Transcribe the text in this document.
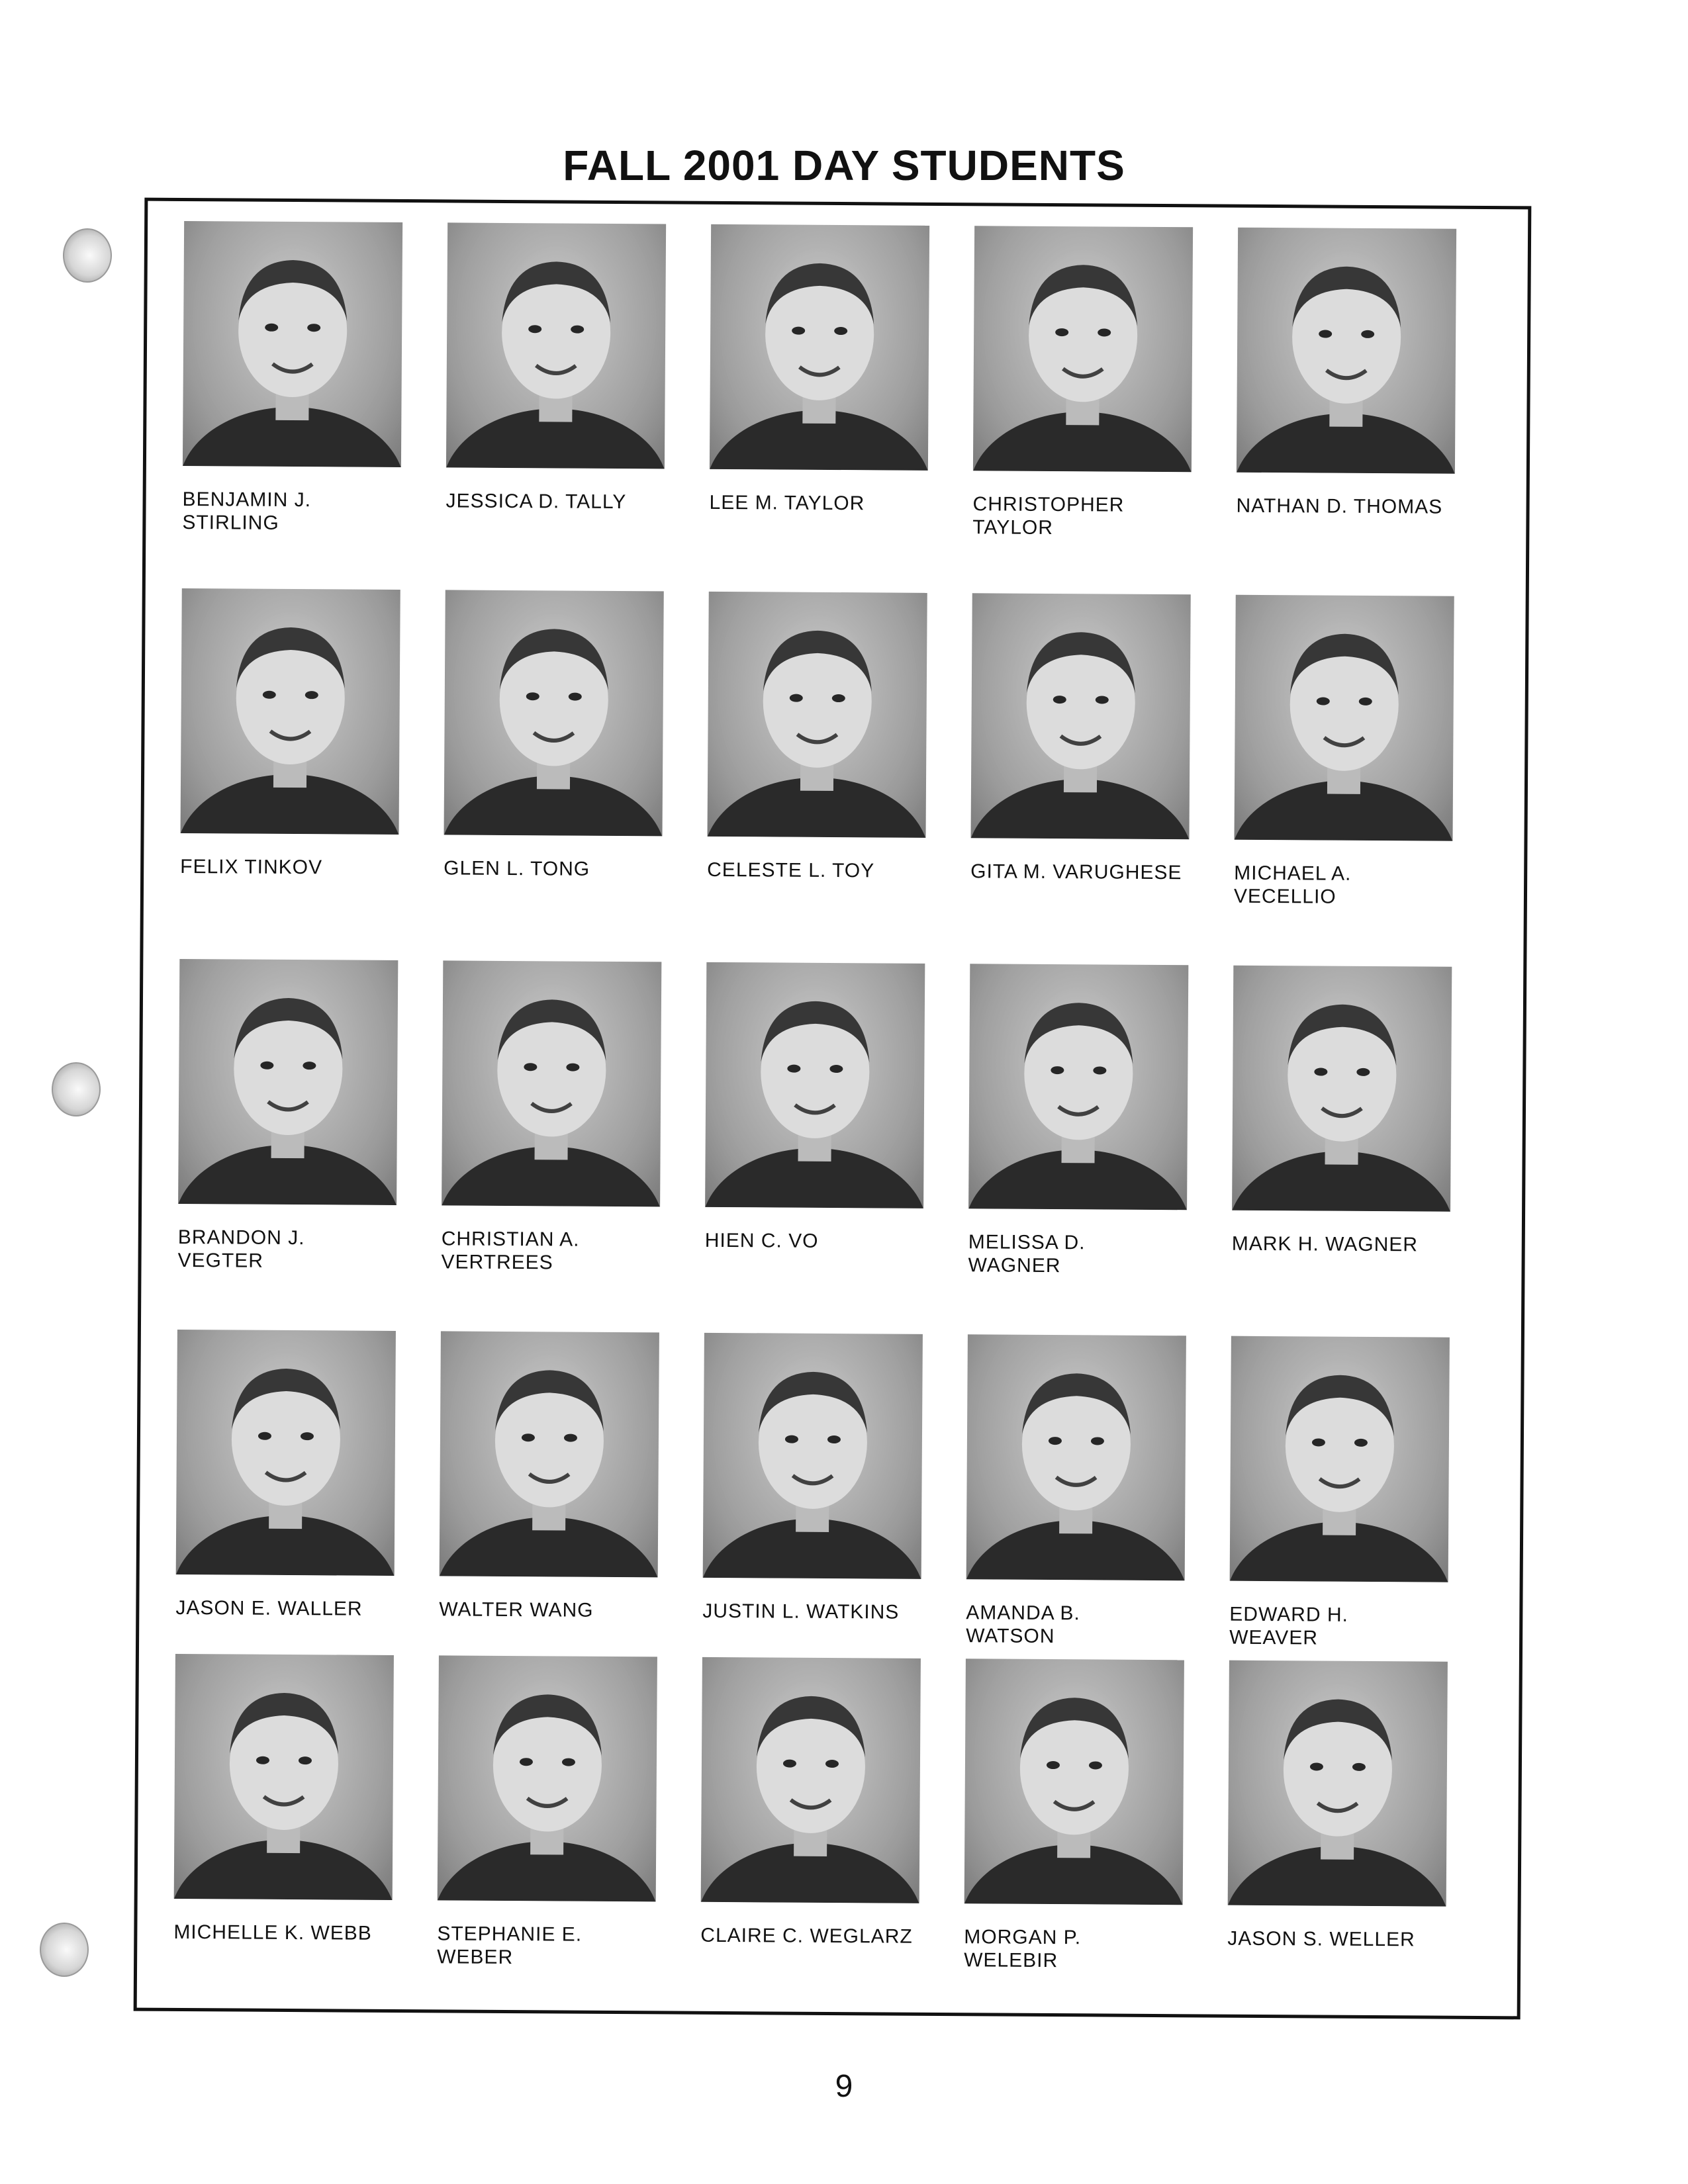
FALL 2001 DAY STUDENTS
BENJAMIN J.
STIRLING
JESSICA D. TALLY	LEE M. TAYLOR	CHRISTOPHER
TAYLOR
NATHAN D. THOMAS
FELIX TINKOV	GLEN L. TONG	CELESTE L. TOY	GITA M. VARUGHESE	MICHAEL A.
VECELLIO
BRANDON J.
VEGTER
CHRISTIAN A.
VERTREES
HIEN C. VO	MELISSA D.
WAGNER
MARK H. WAGNER
JASON E. WALLER	WALTER WANG	JUSTIN L. WATKINS	AMANDA B.
WATSON
EDWARD H.
WEAVER
MICHELLE K. WEBB	STEPHANIE E.
WEBER
CLAIRE C. WEGLARZ	MORGAN P.
WELEBIR
JASON S. WELLER
9
